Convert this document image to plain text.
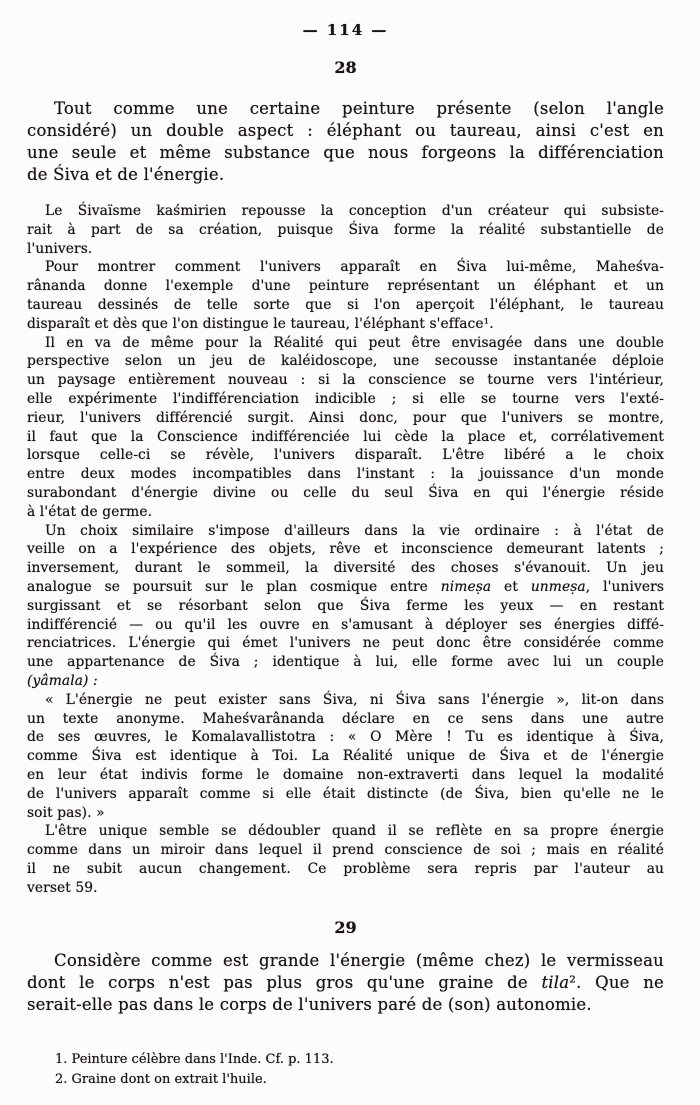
— 114 —
28
Tout comme une certaine peinture présente (selon l'angle
considéré) un double aspect : éléphant ou taureau, ainsi c'est en
une seule et même substance que nous forgeons la différenciation
de Śiva et de l'énergie.
Le Śivaïsme kaśmirien repousse la conception d'un créateur qui subsiste-
rait à part de sa création, puisque Śiva forme la réalité substantielle de
l'univers.
Pour montrer comment l'univers apparaît en Śiva lui-même, Maheśva-
rânanda donne l'exemple d'une peinture représentant un éléphant et un
taureau dessinés de telle sorte que si l'on aperçoit l'éléphant, le taureau
disparaît et dès que l'on distingue le taureau, l'éléphant s'efface¹.
Il en va de même pour la Réalité qui peut être envisagée dans une double
perspective selon un jeu de kaléidoscope, une secousse instantanée déploie
un paysage entièrement nouveau : si la conscience se tourne vers l'intérieur,
elle expérimente l'indifférenciation indicible ; si elle se tourne vers l'exté-
rieur, l'univers différencié surgit. Ainsi donc, pour que l'univers se montre,
il faut que la Conscience indifférenciée lui cède la place et, corrélativement
lorsque celle-ci se révèle, l'univers disparaît. L'être libéré a le choix
entre deux modes incompatibles dans l'instant : la jouissance d'un monde
surabondant d'énergie divine ou celle du seul Śiva en qui l'énergie réside
à l'état de germe.
Un choix similaire s'impose d'ailleurs dans la vie ordinaire : à l'état de
veille on a l'expérience des objets, rêve et inconscience demeurant latents ;
inversement, durant le sommeil, la diversité des choses s'évanouit. Un jeu
analogue se poursuit sur le plan cosmique entre nimeṣa et unmeṣa, l'univers
surgissant et se résorbant selon que Śiva ferme les yeux — en restant
indifférencié — ou qu'il les ouvre en s'amusant à déployer ses énergies diffé-
renciatrices. L'énergie qui émet l'univers ne peut donc être considérée comme
une appartenance de Śiva ; identique à lui, elle forme avec lui un couple
(yâmala) :
« L'énergie ne peut exister sans Śiva, ni Śiva sans l'énergie », lit-on dans
un texte anonyme. Maheśvarânanda déclare en ce sens dans une autre
de ses œuvres, le Komalavallistotra : « O Mère ! Tu es identique à Śiva,
comme Śiva est identique à Toi. La Réalité unique de Śiva et de l'énergie
en leur état indivis forme le domaine non-extraverti dans lequel la modalité
de l'univers apparaît comme si elle était distincte (de Śiva, bien qu'elle ne le
soit pas). »
L'être unique semble se dédoubler quand il se reflète en sa propre énergie
comme dans un miroir dans lequel il prend conscience de soi ; mais en réalité
il ne subit aucun changement. Ce problème sera repris par l'auteur au
verset 59.
29
Considère comme est grande l'énergie (même chez) le vermisseau
dont le corps n'est pas plus gros qu'une graine de tila². Que ne
serait-elle pas dans le corps de l'univers paré de (son) autonomie.
1. Peinture célèbre dans l'Inde. Cf. p. 113.
2. Graine dont on extrait l'huile.
